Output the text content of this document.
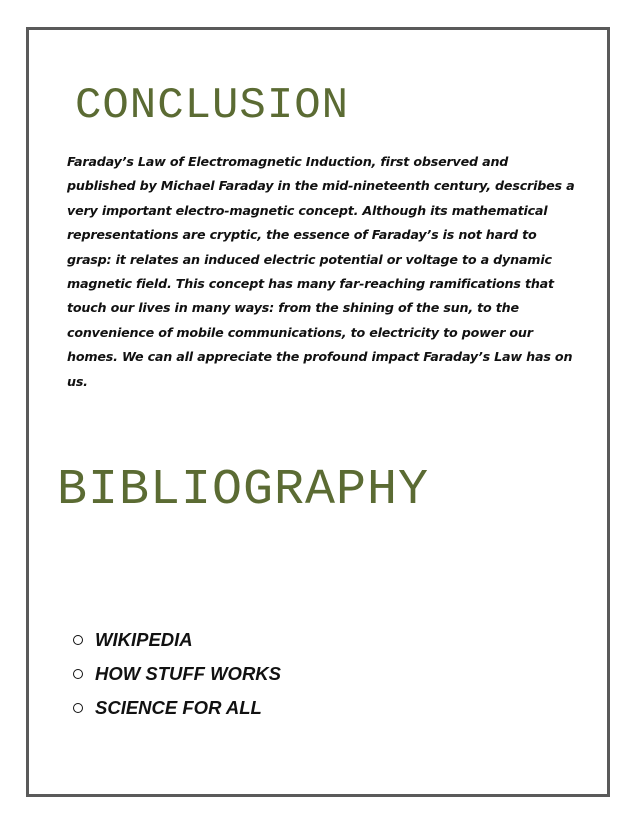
CONCLUSION

Faraday’s Law of Electromagnetic Induction, first observed and published by Michael Faraday in the mid-nineteenth century, describes a very important electro-magnetic concept. Although its mathematical representations are cryptic, the essence of Faraday’s is not hard to grasp: it relates an induced electric potential or voltage to a dynamic magnetic field. This concept has many far-reaching ramifications that touch our lives in many ways: from the shining of the sun, to the convenience of mobile communications, to electricity to power our homes. We can all appreciate the profound impact Faraday’s Law has on us.

BIBLIOGRAPHY
WIKIPEDIA
HOW STUFF WORKS
SCIENCE FOR ALL
